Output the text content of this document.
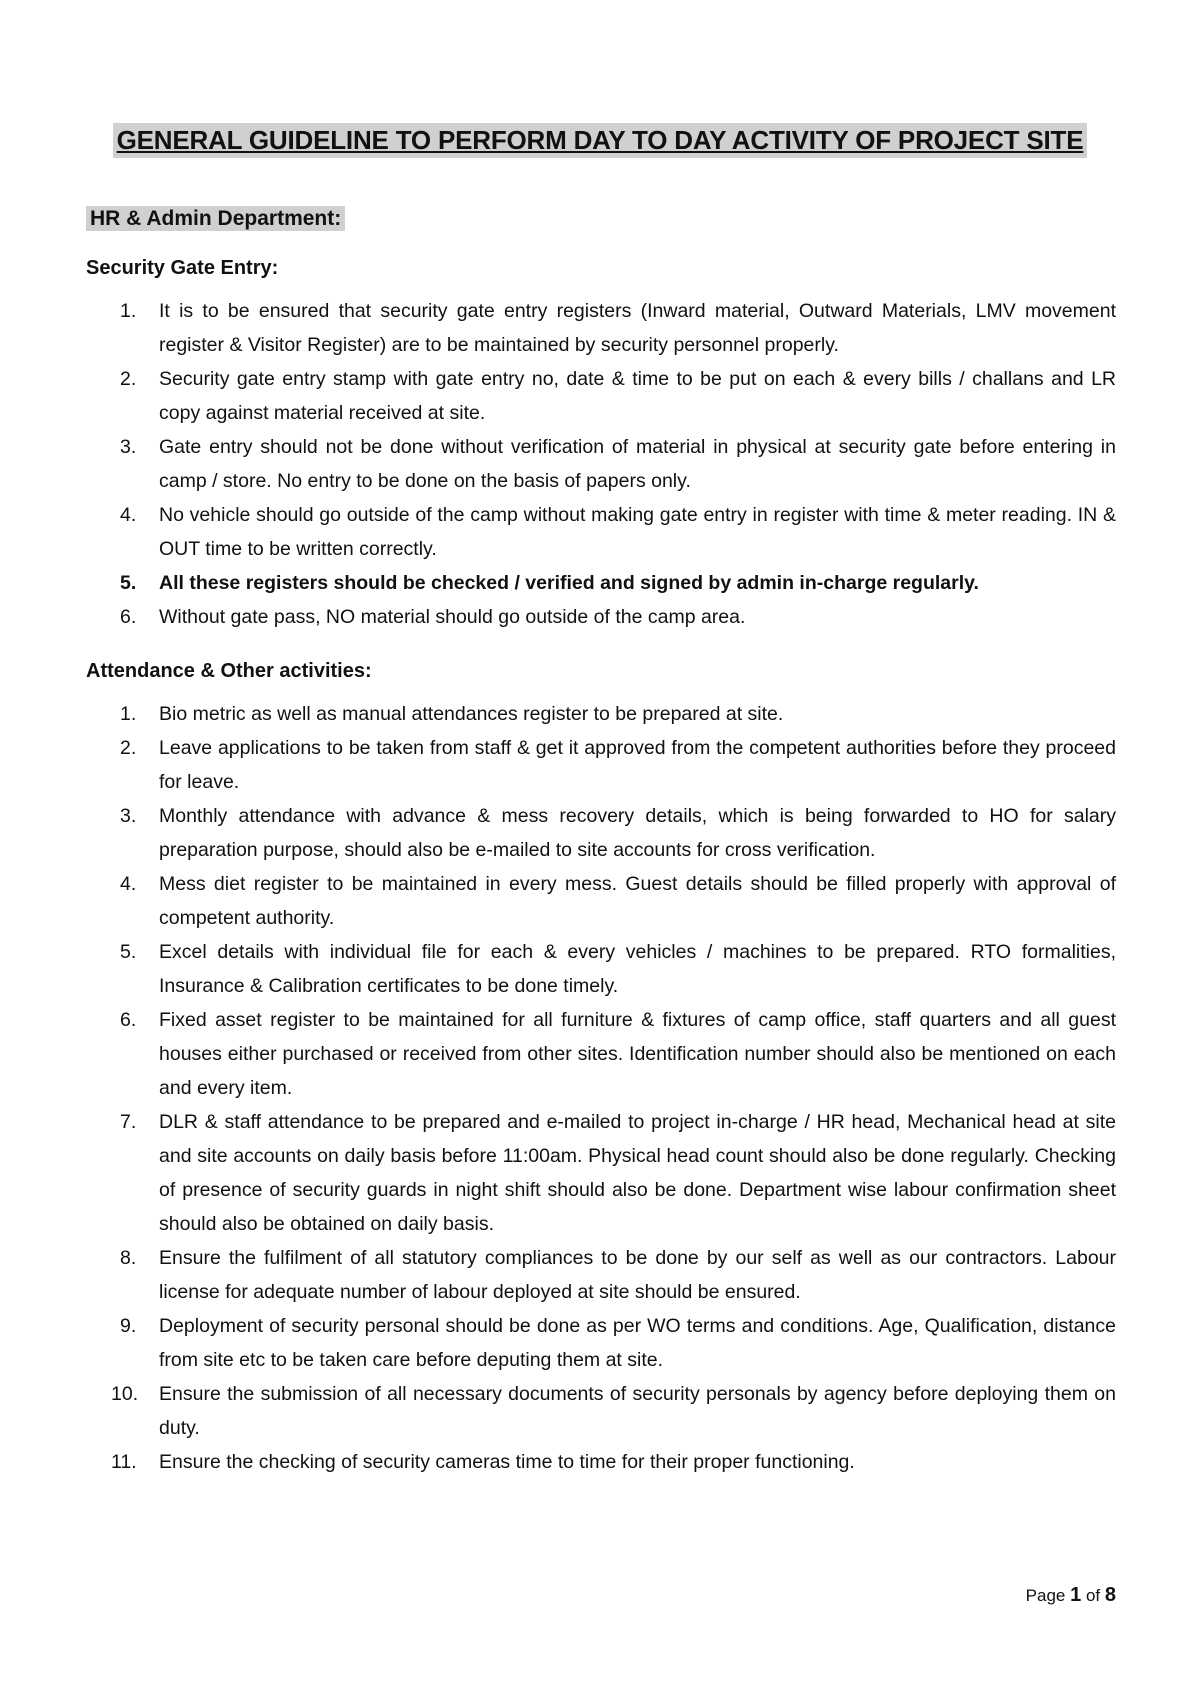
GENERAL GUIDELINE TO PERFORM DAY TO DAY ACTIVITY OF PROJECT SITE
HR & Admin Department:
Security Gate Entry:
1.	It is to be ensured that security gate entry registers (Inward material, Outward Materials, LMV movement register & Visitor Register) are to be maintained by security personnel properly.
2.	Security gate entry stamp with gate entry no, date & time to be put on each & every bills / challans and LR copy against material received at site.
3.	Gate entry should not be done without verification of material in physical at security gate before entering in camp / store. No entry to be done on the basis of papers only.
4.	No vehicle should go outside of the camp without making gate entry in register with time & meter reading. IN & OUT time to be written correctly.
5.	All these registers should be checked / verified and signed by admin in-charge regularly.
6.	Without gate pass, NO material should go outside of the camp area.
Attendance & Other activities:
1.	Bio metric as well as manual attendances register to be prepared at site.
2.	Leave applications to be taken from staff & get it approved from the competent authorities before they proceed for leave.
3.	Monthly attendance with advance & mess recovery details, which is being forwarded to HO for salary preparation purpose, should also be e-mailed to site accounts for cross verification.
4.	Mess diet register to be maintained in every mess. Guest details should be filled properly with approval of competent authority.
5.	Excel details with individual file for each & every vehicles / machines to be prepared. RTO formalities, Insurance & Calibration certificates to be done timely.
6.	Fixed asset register to be maintained for all furniture & fixtures of camp office, staff quarters and all guest houses either purchased or received from other sites. Identification number should also be mentioned on each and every item.
7.	DLR & staff attendance to be prepared and e-mailed to project in-charge / HR head, Mechanical head at site and site accounts on daily basis before 11:00am. Physical head count should also be done regularly. Checking of presence of security guards in night shift should also be done. Department wise labour confirmation sheet should also be obtained on daily basis.
8.	Ensure the fulfilment of all statutory compliances to be done by our self as well as our contractors. Labour license for adequate number of labour deployed at site should be ensured.
9.	Deployment of security personal should be done as per WO terms and conditions. Age, Qualification, distance from site etc to be taken care before deputing them at site.
10.	Ensure the submission of all necessary documents of security personals by agency before deploying them on duty.
11.	Ensure the checking of security cameras time to time for their proper functioning.
Page 1 of 8
